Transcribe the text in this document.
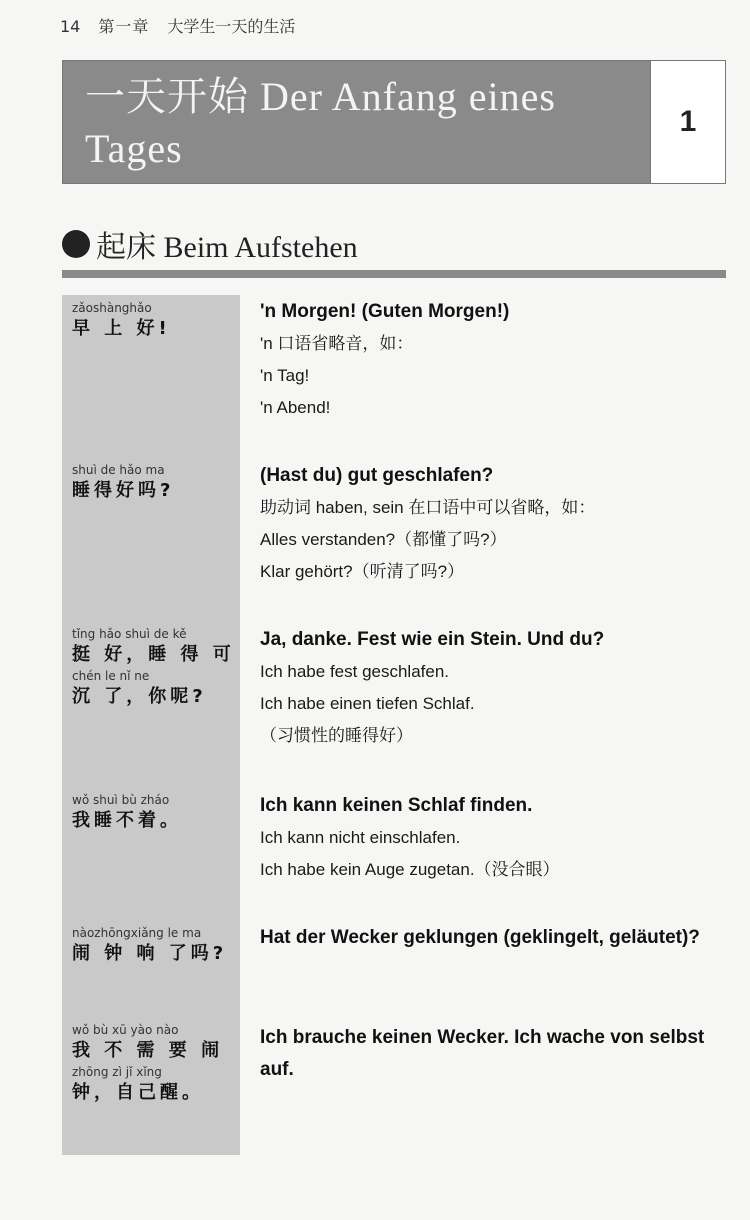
14 第一章 大学生一天的生活
一天开始 Der Anfang eines Tages
1
起床 Beim Aufstehen
zǎoshànghǎo
早 上 好!
'n Morgen! (Guten Morgen!)
'n 口语省略音，如：
'n Tag!
'n Abend!
shuì de hǎo ma
睡得好吗?
(Hast du) gut geschlafen?
助动词 haben, sein 在口语中可以省略，如：
Alles verstanden?（都懂了吗?）
Klar gehört?（听清了吗?）
tǐng hǎo shuì de kě
挺 好，睡 得 可
chén le nǐ ne
沉 了，你呢?
Ja, danke. Fest wie ein Stein. Und du?
Ich habe fest geschlafen.
Ich habe einen tiefen Schlaf.
（习惯性的睡得好）
wǒ shuì bù zháo
我睡不着。
Ich kann keinen Schlaf finden.
Ich kann nicht einschlafen.
Ich habe kein Auge zugetan.（没合眼）
nàozhōngxiǎng le ma
闹 钟 响 了吗?
Hat der Wecker geklungen (geklingelt, geläutet)?
wǒ bù xū yào nào
我 不 需 要 闹
zhōng zì jǐ xǐng
钟，自己醒。
Ich brauche keinen Wecker. Ich wache von selbst auf.
